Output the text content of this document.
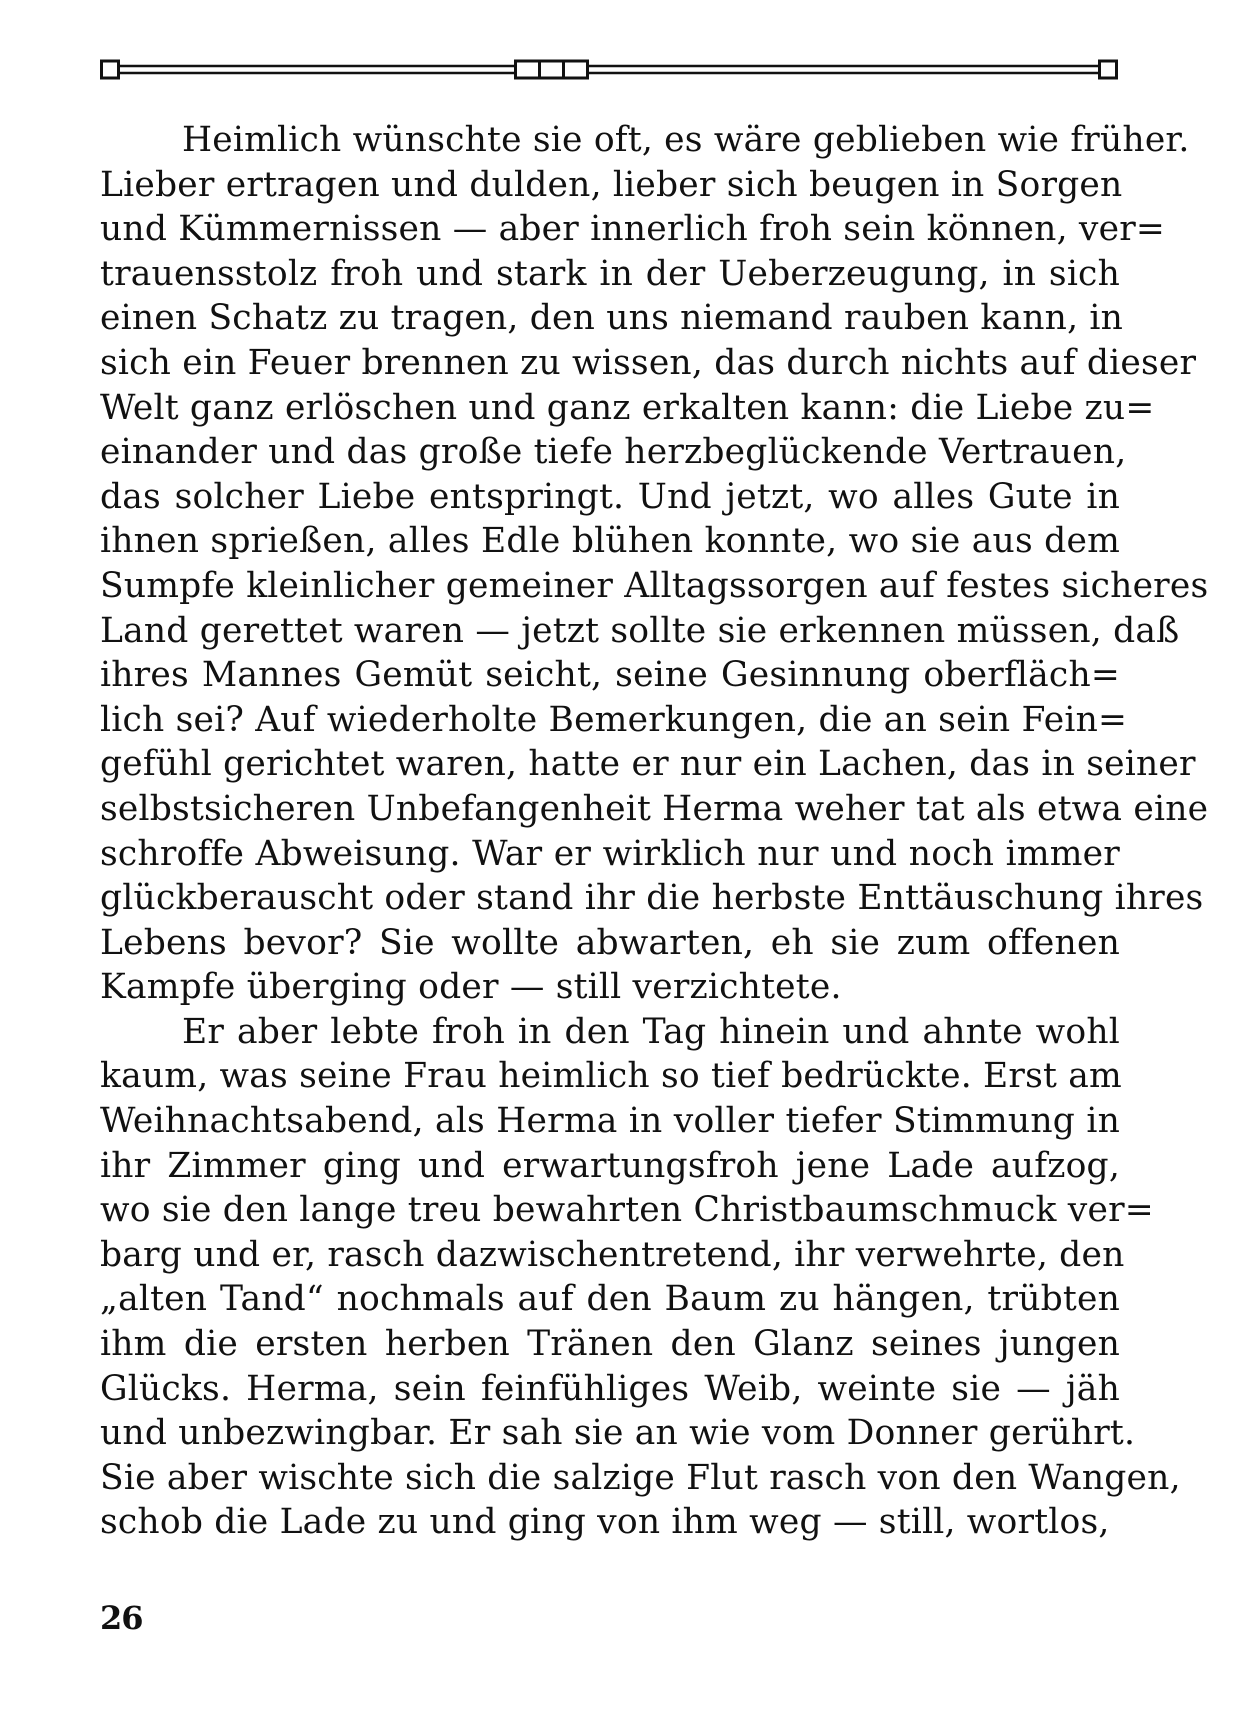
Heimlich wünschte sie oft, es wäre geblieben wie früher.
Lieber ertragen und dulden, lieber sich beugen in Sorgen
und Kümmernissen — aber innerlich froh sein können, ver=
trauensstolz froh und stark in der Ueberzeugung, in sich
einen Schatz zu tragen, den uns niemand rauben kann, in
sich ein Feuer brennen zu wissen, das durch nichts auf dieser
Welt ganz erlöschen und ganz erkalten kann: die Liebe zu=
einander und das große tiefe herzbeglückende Vertrauen,
das solcher Liebe entspringt. Und jetzt, wo alles Gute in
ihnen sprießen, alles Edle blühen konnte, wo sie aus dem
Sumpfe kleinlicher gemeiner Alltagssorgen auf festes sicheres
Land gerettet waren — jetzt sollte sie erkennen müssen, daß
ihres Mannes Gemüt seicht, seine Gesinnung oberfläch=
lich sei? Auf wiederholte Bemerkungen, die an sein Fein=
gefühl gerichtet waren, hatte er nur ein Lachen, das in seiner
selbstsicheren Unbefangenheit Herma weher tat als etwa eine
schroffe Abweisung. War er wirklich nur und noch immer
glückberauscht oder stand ihr die herbste Enttäuschung ihres
Lebens bevor? Sie wollte abwarten, eh sie zum offenen
Kampfe überging oder — still verzichtete.

Er aber lebte froh in den Tag hinein und ahnte wohl
kaum, was seine Frau heimlich so tief bedrückte. Erst am
Weihnachtsabend, als Herma in voller tiefer Stimmung in
ihr Zimmer ging und erwartungsfroh jene Lade aufzog,
wo sie den lange treu bewahrten Christbaumschmuck ver=
barg und er, rasch dazwischentretend, ihr verwehrte, den
„alten Tand“ nochmals auf den Baum zu hängen, trübten
ihm die ersten herben Tränen den Glanz seines jungen
Glücks. Herma, sein feinfühliges Weib, weinte sie — jäh
und unbezwingbar. Er sah sie an wie vom Donner gerührt.
Sie aber wischte sich die salzige Flut rasch von den Wangen,
schob die Lade zu und ging von ihm weg — still, wortlos,

26
